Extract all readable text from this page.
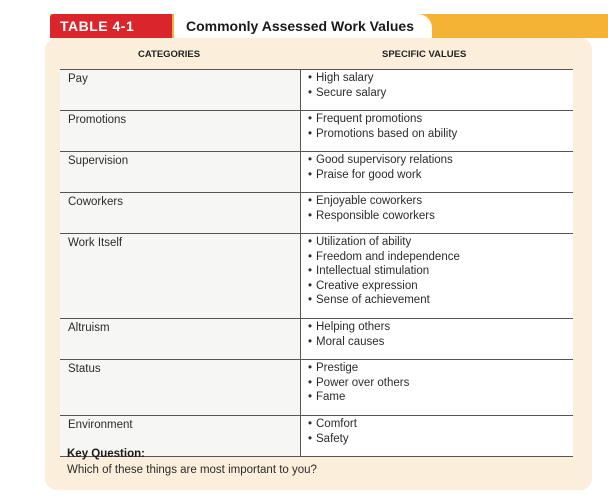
TABLE 4-1	Commonly Assessed Work Values
CATEGORIES	SPECIFIC VALUES
Pay	• High salary
• Secure salary
Promotions	• Frequent promotions
• Promotions based on ability
Supervision	• Good supervisory relations
• Praise for good work
Coworkers	• Enjoyable coworkers
• Responsible coworkers
Work Itself	• Utilization of ability
• Freedom and independence
• Intellectual stimulation
• Creative expression
• Sense of achievement
Altruism	• Helping others
• Moral causes
Status	• Prestige
• Power over others
• Fame
Environment	• Comfort
• Safety
Key Question:
Which of these things are most important to you?
